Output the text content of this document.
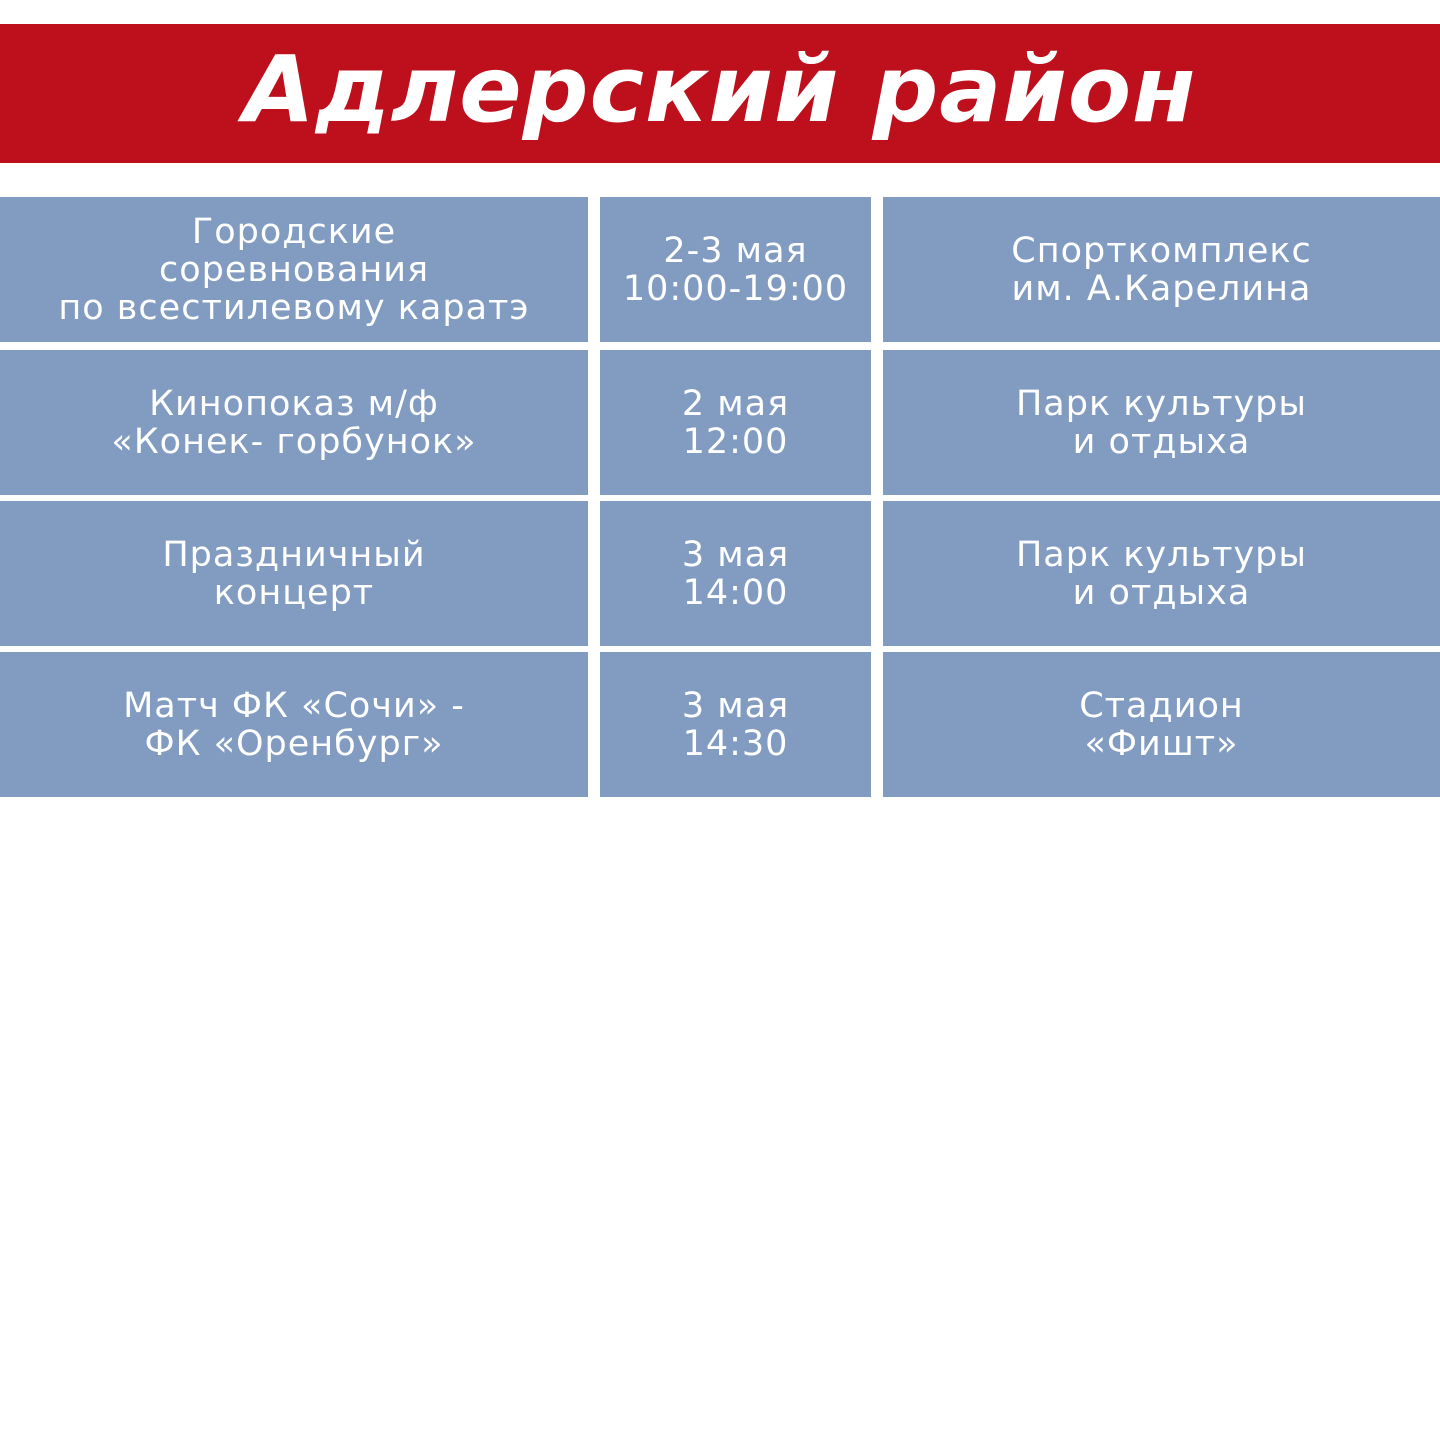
Адлерский район
Городские
соревнования
по всестилевому каратэ
2-3 мая
10:00-19:00
Спорткомплекс
им. А.Карелина
Кинопоказ м/ф
«Конек- горбунок»
2 мая
12:00
Парк культуры
и отдыха
Праздничный
концерт
3 мая
14:00
Парк культуры
и отдыха
Матч ФК «Сочи» -
ФК «Оренбург»
3 мая
14:30
Стадион
«Фишт»
